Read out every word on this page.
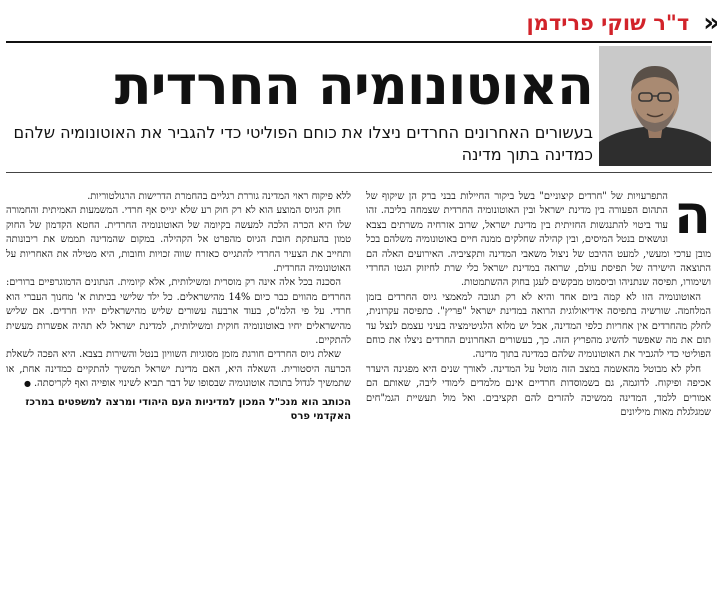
«
ד"ר שוקי פרידמן
האוטונומיה החרדית

בעשורים האחרונים החרדים ניצלו את כוחם הפוליטי כדי להגביר את האוטונומיה שלהם כמדינה בתוך מדינה

ה

התפרעויות של "חרדים קיצוניים" בשל ביקור החיילות בבני ברק הן שיקוף של התהום הפעורה בין מדינת ישראל ובין האוטונומיה החרדית שצמחה בליבה. זהו עוד ביטוי להתנגשות החזיתית בין מדינת ישראל, שרוב אזרחיה משרתים בצבא ונושאים בנטל המיסים, ובין קהילה שחלקים ממנה חיים באוטונומיה משלהם בכל מובן ערכי ומעשי, למעט ההיבט של ניצול משאבי המדינה ותקציביה. האירועים האלה הם התוצאה הישירה של תפיסת עולם, שרואה במדינת ישראל כלי שרת לחיזוק הגטו החרדי ושימורו, תפיסה שנתניהו וביסמוט מבקשים לעגן בחוק ההשתמטות.

האוטונומיה הזו לא קמה ביום אחד והיא לא רק תגובה למאמצי גיוס החרדים בזמן המלחמה. שורשיה בתפיסה אידיאולוגית הרואה במדינת ישראל "פריץ". כתפיסה עקרונית, לחלק מהחרדים אין אחריות כלפי המדינה, אבל יש מלוא הלגיטימציה בעיני עצמם לנצל עד תום את מה שאפשר להשיג מהפריץ הזה. כך, בעשורים האחרונים החרדים ניצלו את כוחם הפוליטי כדי להגביר את האוטונומיה שלהם כמדינה בתוך מדינה.

חלק לא מבוטל מהאשמה במצב הזה מוטל על המדינה. לאורך שנים היא מפגינה היעדר אכיפה ופיקוח. לדוגמה, גם בשמוסדות חרדיים אינם מלמדים לימודי ליבה, שאותם הם אמורים ללמד, המדינה ממשיכה להזרים להם תקציבים. ואל מול תעשיית הגמ"חים שמגלגלת מאות מיליונים

ללא פיקוח ראוי המדינה גוררת רגליים בהחמרת הדרישות הרגולטוריות.

חוק הגיוס המוצע הוא לא רק חוק רע שלא יגייס אף חרדי. המשמעות האמיתית והחמורה שלו היא הכרה הלכה למעשה בקיומה של האוטונומיה החרדית. החטא הקדמון של החוק טמון בהעתקת חובת הגיוס מהפרט אל הקהילה. במקום שהמדינה תממש את ריבונותה ותחייב את הצעיר החרדי להתגייס כאזרח שווה זכויות וחובות, היא מטילה את האחריות על האוטונומיה החרדית.

הסכנה בכל אלה אינה רק מוסרית ומשילותית, אלא קיומית. הנתונים הדמוגרפיים ברורים: החרדים מהווים כבר כיום 14% מהישראלים. כל ילד שלישי בכיתות א' מחנוך העברי הוא חרדי. על פי הלמ"ס, בעוד ארבעה עשורים שליש מהישראלים יהיו חרדים. אם שליש מהישראלים יחיו באוטונומיה חוקית ומשילותית, למדינת ישראל לא תהיה אפשרות מעשית להתקיים.

שאלת גיוס החרדים חורגת מזמן מסוגיות השוויון בנטל והשירות בצבא. היא הפכה לשאלת הכרעה היסטורית. השאלה היא, האם מדינת ישראל תמשיך להתקיים כמדינה אחת, או שתמשיך לגדול בתוכה אוטונומיה שבסופו של דבר תביא לשינוי אופייה ואף לקריסתה. ●

הכותב הוא מנכ"ל המכון למדיניות העם היהודי ומרצה למשפטים במרכז האקדמי פרס
